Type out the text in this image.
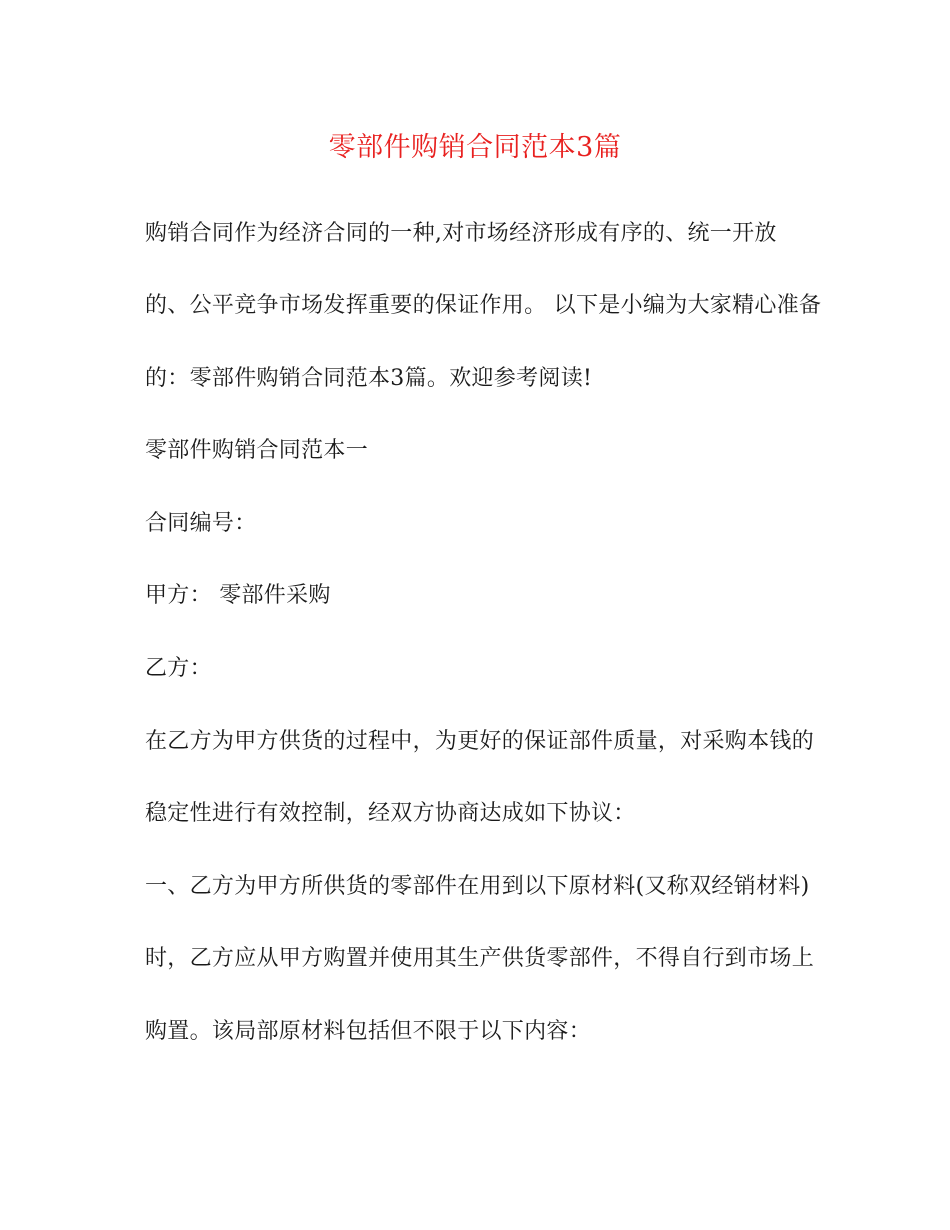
零部件购销合同范本3篇
购销合同作为经济合同的一种,对市场经济形成有序的、统一开放
的、公平竞争市场发挥重要的保证作用。 以下是小编为大家精心准备
的：零部件购销合同范本3篇。欢迎参考阅读!
零部件购销合同范本一
合同编号：
甲方： 零部件采购
乙方：
在乙方为甲方供货的过程中，为更好的保证部件质量，对采购本钱的
稳定性进行有效控制，经双方协商达成如下协议：
一、乙方为甲方所供货的零部件在用到以下原材料(又称双经销材料)
时，乙方应从甲方购置并使用其生产供货零部件，不得自行到市场上
购置。该局部原材料包括但不限于以下内容：
